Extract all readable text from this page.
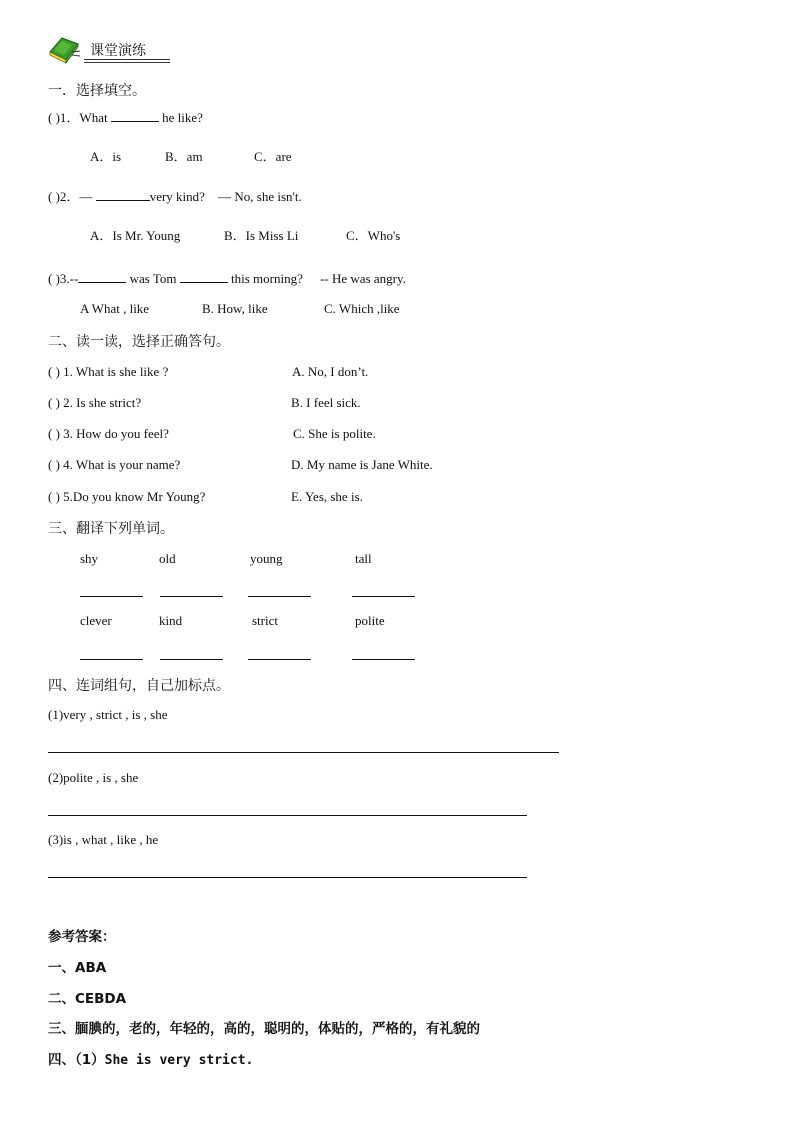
课堂演练
一．选择填空。
( )1．What	he like?
A．is	B．am	C．are
( )2．—	very kind? — No, she isn't.
A．Is Mr. Young	B．Is Miss Li	C．Who's
( )3.--	was Tom	this morning? -- He was angry.
A What , like	B. How, like	C. Which ,like
二、读一读，选择正确答句。
( ) 1. What is she like ?	A. No, I don’t.
( ) 2. Is she strict?	B. I feel sick.
( ) 3. How do you feel?	C. She is polite.
( ) 4. What is your name?	D. My name is Jane White.
( ) 5.Do you know Mr Young?	E. Yes, she is.
三、翻译下列单词。
shy	old	young	tall
clever	kind	strict	polite
四、连词组句，自己加标点。
(1)very , strict , is , she
(2)polite , is , she
(3)is , what , like , he
参考答案：
一、ABA
二、CEBDA
三、腼腆的，老的，年轻的，高的，聪明的，体贴的，严格的，有礼貌的
四、（1）She is very strict.
